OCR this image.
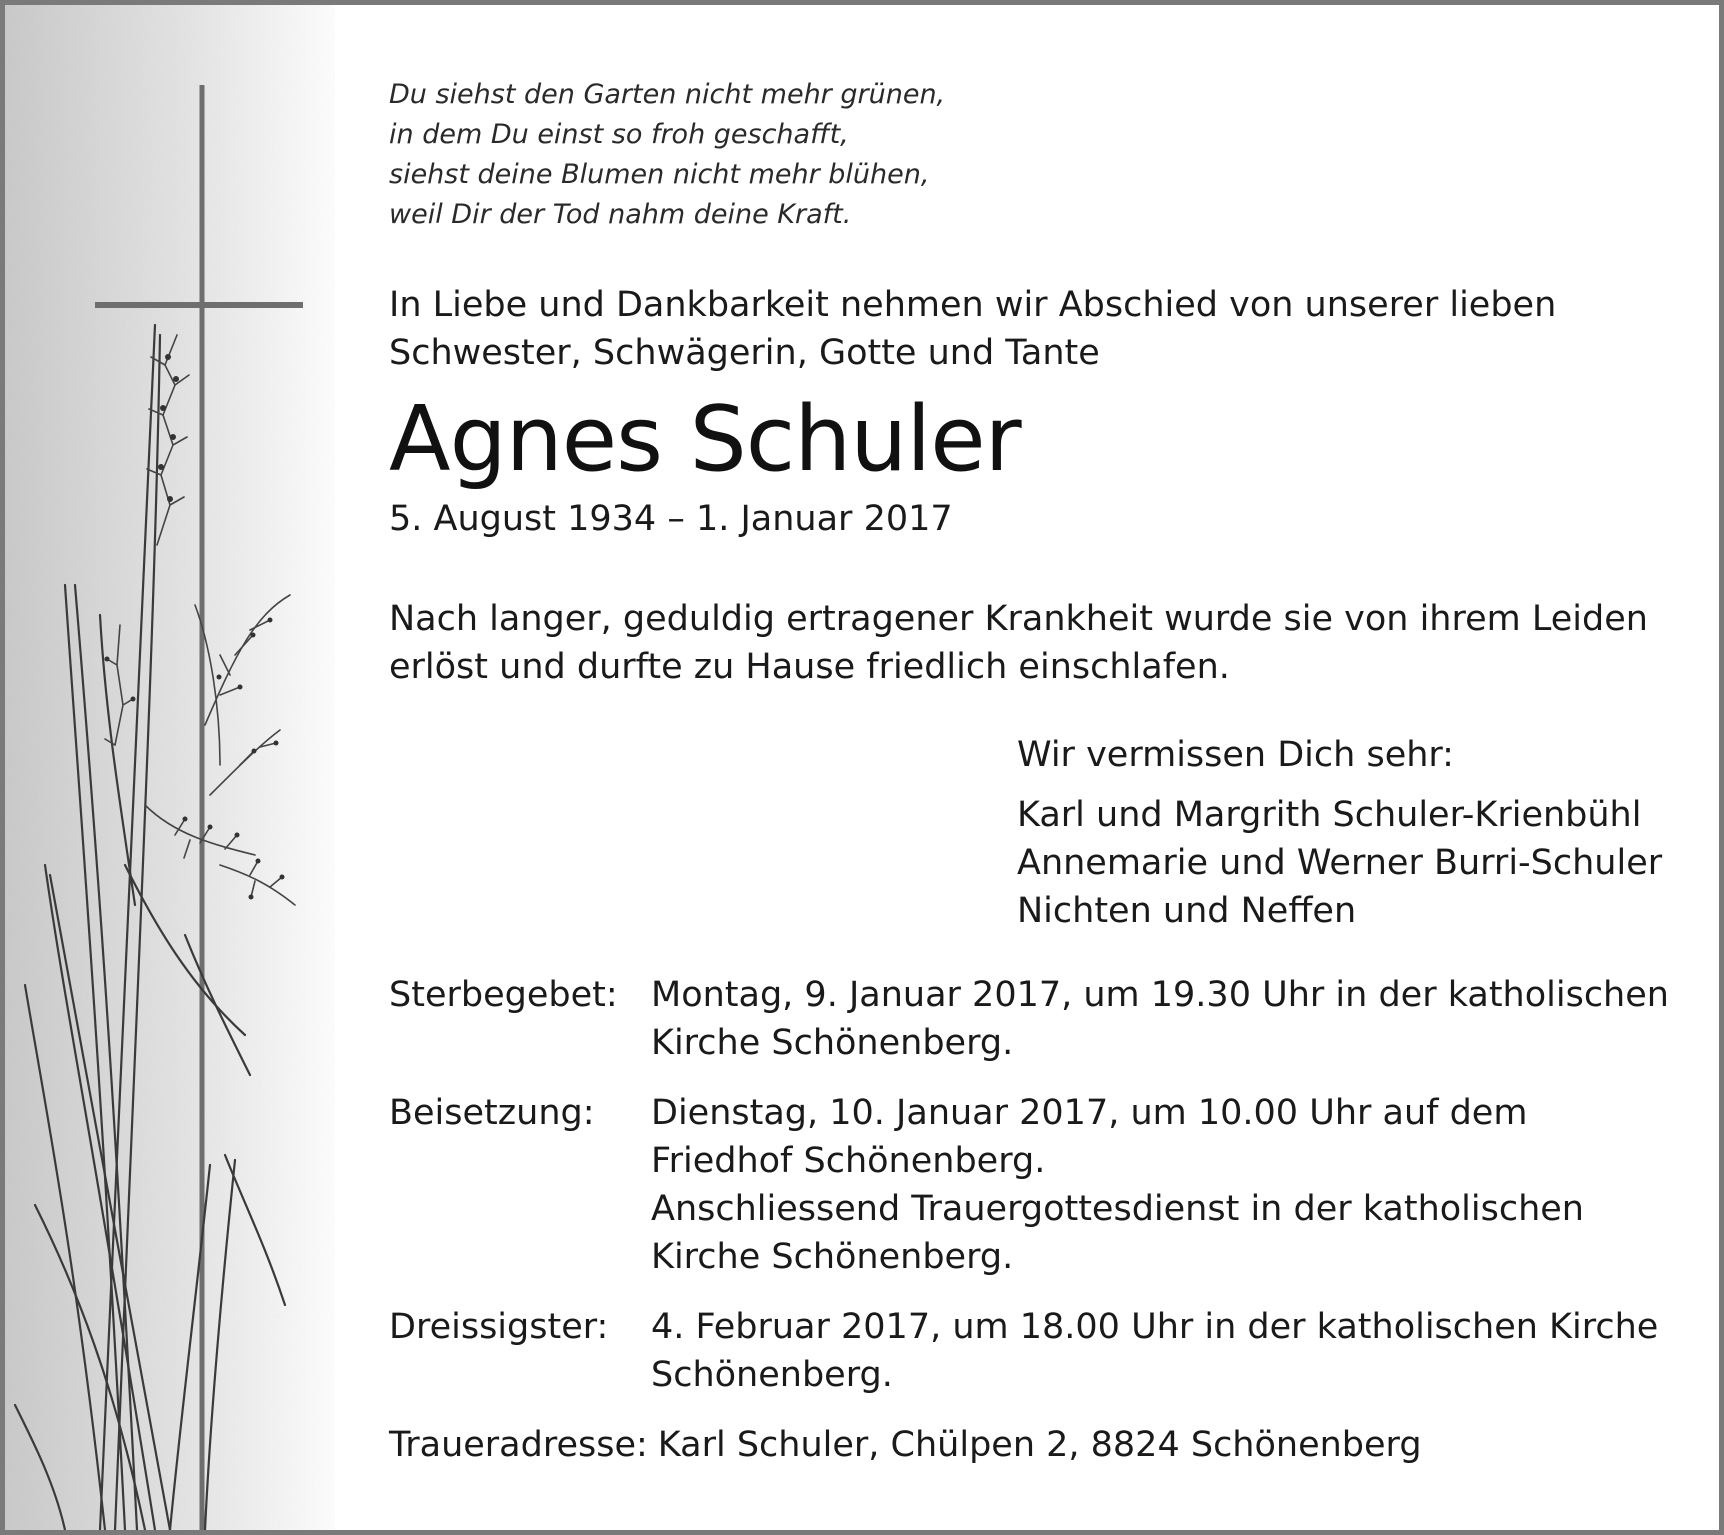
Du siehst den Garten nicht mehr grünen,
in dem Du einst so froh geschafft,
siehst deine Blumen nicht mehr blühen,
weil Dir der Tod nahm deine Kraft.
In Liebe und Dankbarkeit nehmen wir Abschied von unserer lieben
Schwester, Schwägerin, Gotte und Tante
Agnes Schuler
5. August 1934 – 1. Januar 2017
Nach langer, geduldig ertragener Krankheit wurde sie von ihrem Leiden
erlöst und durfte zu Hause friedlich einschlafen.
Wir vermissen Dich sehr:
Karl und Margrith Schuler-Krienbühl
Annemarie und Werner Burri-Schuler
Nichten und Neffen
Sterbegebet: Montag, 9. Januar 2017, um 19.30 Uhr in der katholischen
Kirche Schönenberg.
Beisetzung:	Dienstag, 10. Januar 2017, um 10.00 Uhr auf dem
Friedhof Schönenberg.
Anschliessend Trauergottesdienst in der katholischen
Kirche Schönenberg.
Dreissigster:	4. Februar 2017, um 18.00 Uhr in der katholischen Kirche
Schönenberg.
Traueradresse: Karl Schuler, Chülpen 2, 8824 Schönenberg
